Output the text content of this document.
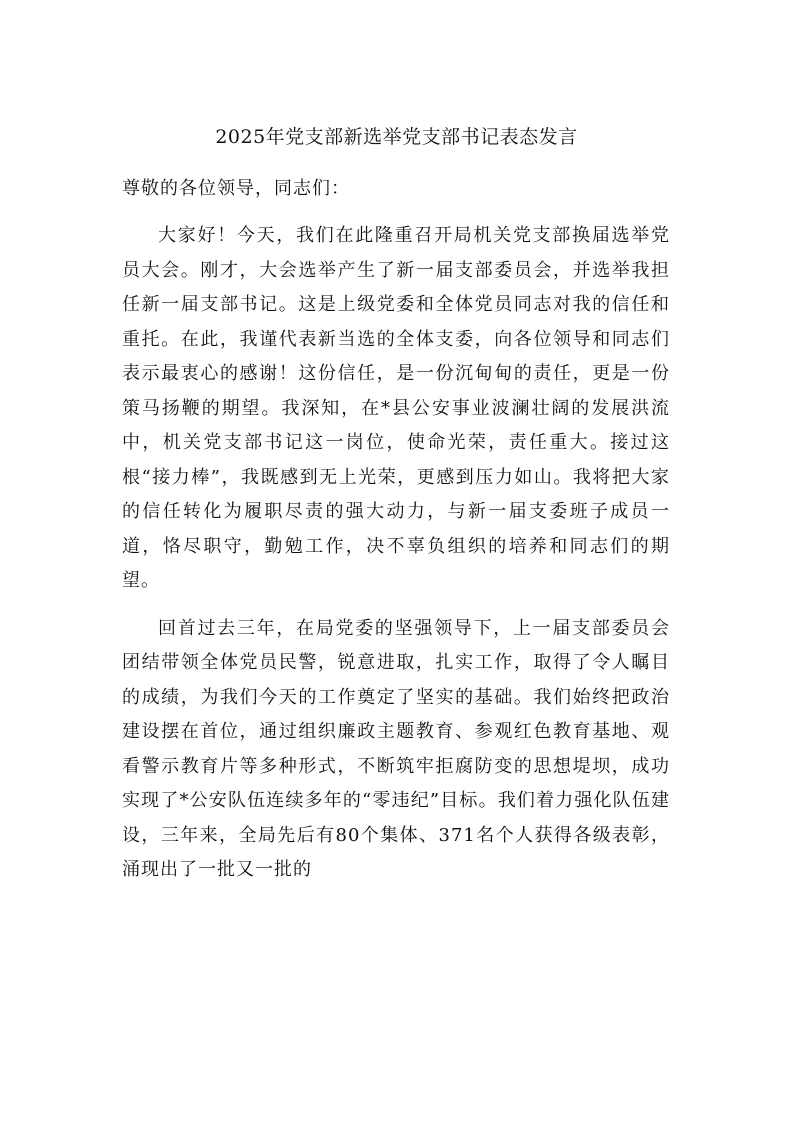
2025年党支部新选举党支部书记表态发言

尊敬的各位领导，同志们：

大家好！今天，我们在此隆重召开局机关党支部换届选举党员大会。刚才，大会选举产生了新一届支部委员会，并选举我担任新一届支部书记。这是上级党委和全体党员同志对我的信任和重托。在此，我谨代表新当选的全体支委，向各位领导和同志们表示最衷心的感谢！这份信任，是一份沉甸甸的责任，更是一份策马扬鞭的期望。我深知，在*县公安事业波澜壮阔的发展洪流中，机关党支部书记这一岗位，使命光荣，责任重大。接过这根“接力棒”，我既感到无上光荣，更感到压力如山。我将把大家的信任转化为履职尽责的强大动力，与新一届支委班子成员一道，恪尽职守，勤勉工作，决不辜负组织的培养和同志们的期望。

回首过去三年，在局党委的坚强领导下，上一届支部委员会团结带领全体党员民警，锐意进取，扎实工作，取得了令人瞩目的成绩，为我们今天的工作奠定了坚实的基础。我们始终把政治建设摆在首位，通过组织廉政主题教育、参观红色教育基地、观看警示教育片等多种形式，不断筑牢拒腐防变的思想堤坝，成功实现了*公安队伍连续多年的“零违纪”目标。我们着力强化队伍建设，三年来，全局先后有80个集体、371名个人获得各级表彰，涌现出了一批又一批的
